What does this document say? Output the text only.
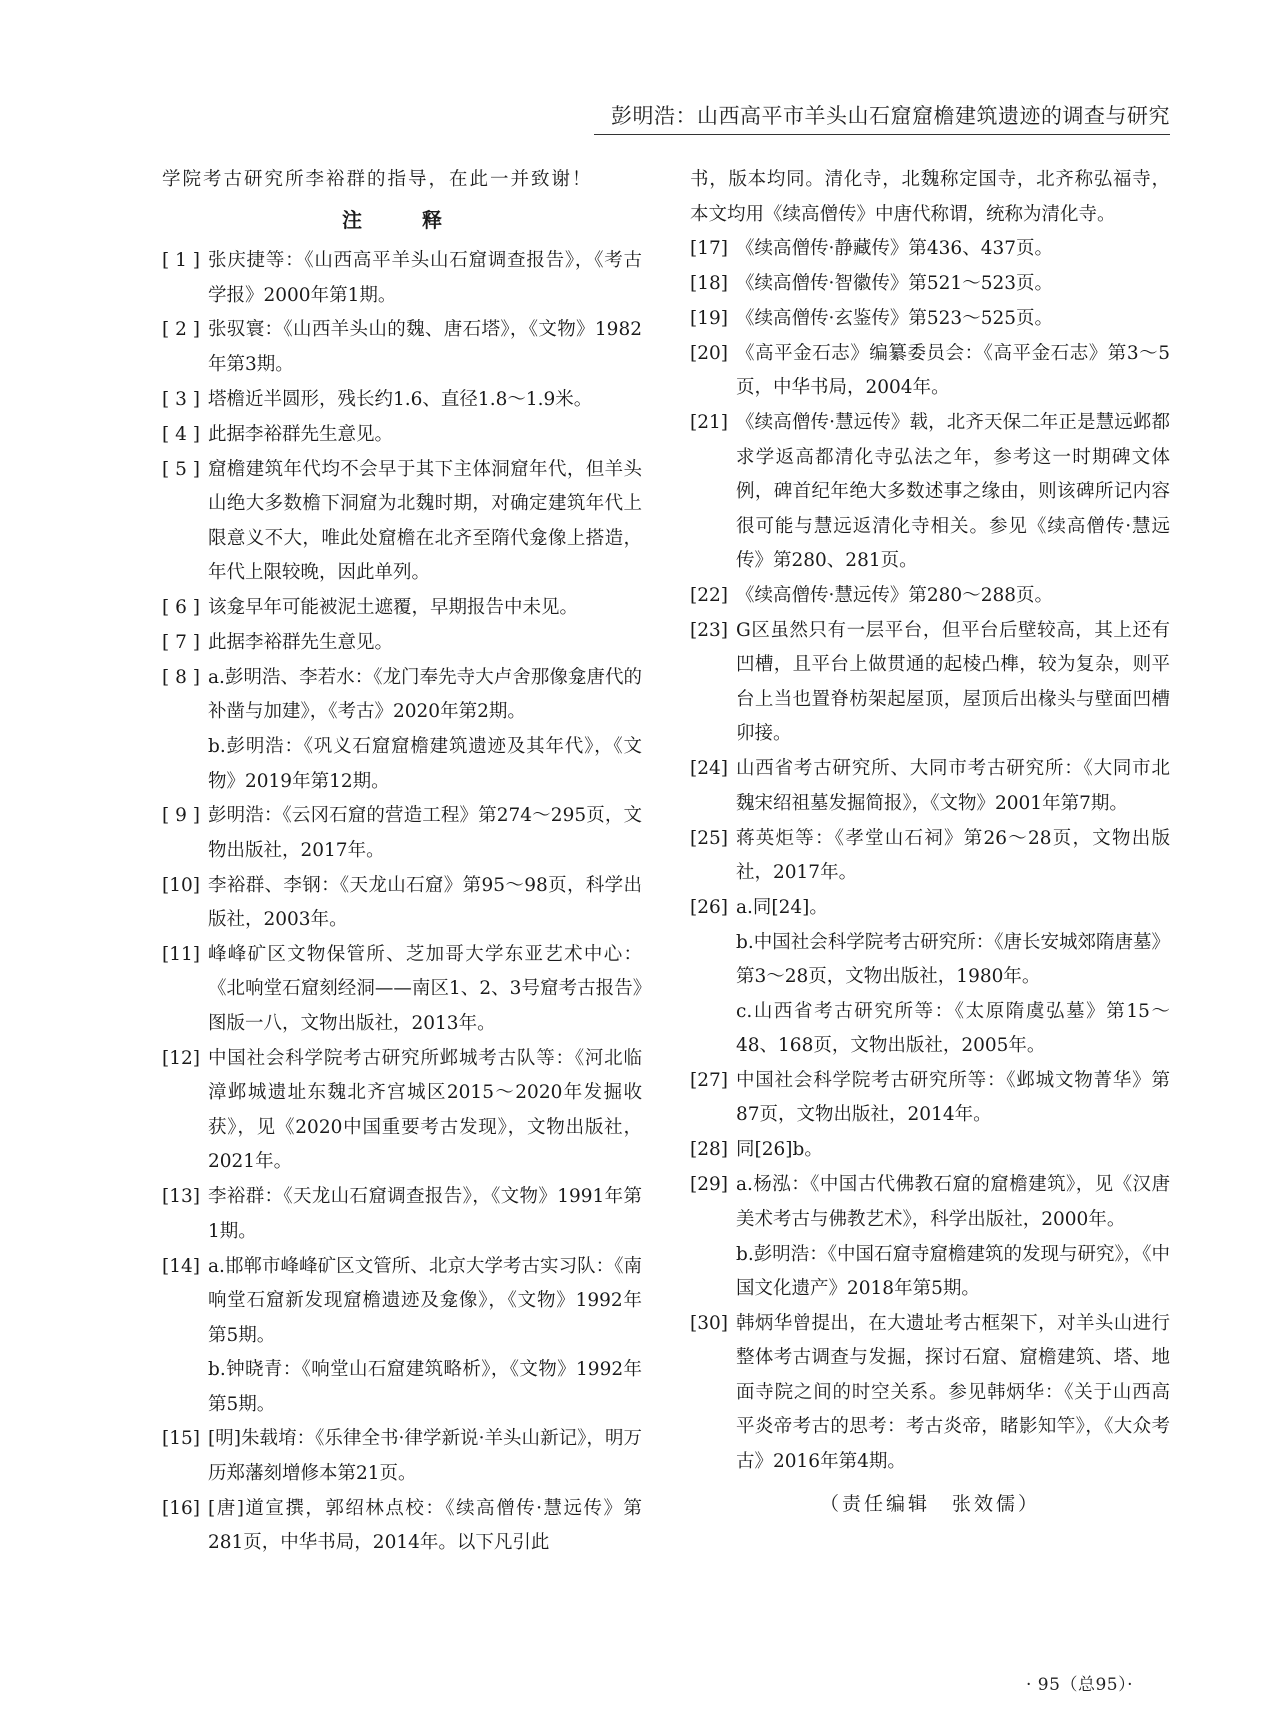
彭明浩：山西高平市羊头山石窟窟檐建筑遗迹的调查与研究
学院考古研究所李裕群的指导，在此一并致谢！
注　释
[ 1 ] 张庆捷等：《山西高平羊头山石窟调查报告》，《考古学报》2000年第1期。
[ 2 ] 张驭寰：《山西羊头山的魏、唐石塔》，《文物》1982年第3期。
[ 3 ] 塔檐近半圆形，残长约1.6、直径1.8～1.9米。
[ 4 ] 此据李裕群先生意见。
[ 5 ] 窟檐建筑年代均不会早于其下主体洞窟年代，但羊头山绝大多数檐下洞窟为北魏时期，对确定建筑年代上限意义不大，唯此处窟檐在北齐至隋代龛像上搭造，年代上限较晚，因此单列。
[ 6 ] 该龛早年可能被泥土遮覆，早期报告中未见。
[ 7 ] 此据李裕群先生意见。
[ 8 ] a.彭明浩、李若水：《龙门奉先寺大卢舍那像龛唐代的补凿与加建》，《考古》2020年第2期。
b.彭明浩：《巩义石窟窟檐建筑遗迹及其年代》，《文物》2019年第12期。
[ 9 ] 彭明浩：《云冈石窟的营造工程》第274～295页，文物出版社，2017年。
[10] 李裕群、李钢：《天龙山石窟》第95～98页，科学出版社，2003年。
[11] 峰峰矿区文物保管所、芝加哥大学东亚艺术中心：《北响堂石窟刻经洞——南区1、2、3号窟考古报告》图版一八，文物出版社，2013年。
[12] 中国社会科学院考古研究所邺城考古队等：《河北临漳邺城遗址东魏北齐宫城区2015～2020年发掘收获》，见《2020中国重要考古发现》，文物出版社，2021年。
[13] 李裕群：《天龙山石窟调查报告》，《文物》1991年第1期。
[14] a.邯郸市峰峰矿区文管所、北京大学考古实习队：《南响堂石窟新发现窟檐遗迹及龛像》，《文物》1992年第5期。
b.钟晓青：《响堂山石窟建筑略析》，《文物》1992年第5期。
[15] [明]朱载堉：《乐律全书·律学新说·羊头山新记》，明万历郑藩刻增修本第21页。
[16] [唐]道宣撰，郭绍林点校：《续高僧传·慧远传》第281页，中华书局，2014年。以下凡引此
书，版本均同。清化寺，北魏称定国寺，北齐称弘福寺，本文均用《续高僧传》中唐代称谓，统称为清化寺。
[17] 《续高僧传·静藏传》第436、437页。
[18] 《续高僧传·智徽传》第521～523页。
[19] 《续高僧传·玄鉴传》第523～525页。
[20] 《高平金石志》编纂委员会：《高平金石志》第3～5页，中华书局，2004年。
[21] 《续高僧传·慧远传》载，北齐天保二年正是慧远邺都求学返高都清化寺弘法之年，参考这一时期碑文体例，碑首纪年绝大多数述事之缘由，则该碑所记内容很可能与慧远返清化寺相关。参见《续高僧传·慧远传》第280、281页。
[22] 《续高僧传·慧远传》第280～288页。
[23] G区虽然只有一层平台，但平台后壁较高，其上还有凹槽，且平台上做贯通的起棱凸榫，较为复杂，则平台上当也置脊枋架起屋顶，屋顶后出椽头与壁面凹槽卯接。
[24] 山西省考古研究所、大同市考古研究所：《大同市北魏宋绍祖墓发掘简报》，《文物》2001年第7期。
[25] 蒋英炬等：《孝堂山石祠》第26～28页，文物出版社，2017年。
[26] a.同[24]。
b.中国社会科学院考古研究所：《唐长安城郊隋唐墓》第3～28页，文物出版社，1980年。
c.山西省考古研究所等：《太原隋虞弘墓》第15～48、168页，文物出版社，2005年。
[27] 中国社会科学院考古研究所等：《邺城文物菁华》第87页，文物出版社，2014年。
[28] 同[26]b。
[29] a.杨泓：《中国古代佛教石窟的窟檐建筑》，见《汉唐美术考古与佛教艺术》，科学出版社，2000年。
b.彭明浩：《中国石窟寺窟檐建筑的发现与研究》，《中国文化遗产》2018年第5期。
[30] 韩炳华曾提出，在大遗址考古框架下，对羊头山进行整体考古调查与发掘，探讨石窟、窟檐建筑、塔、地面寺院之间的时空关系。参见韩炳华：《关于山西高平炎帝考古的思考：考古炎帝，睹影知竿》，《大众考古》2016年第4期。
（责任编辑　张效儒）
· 95（总95）·
